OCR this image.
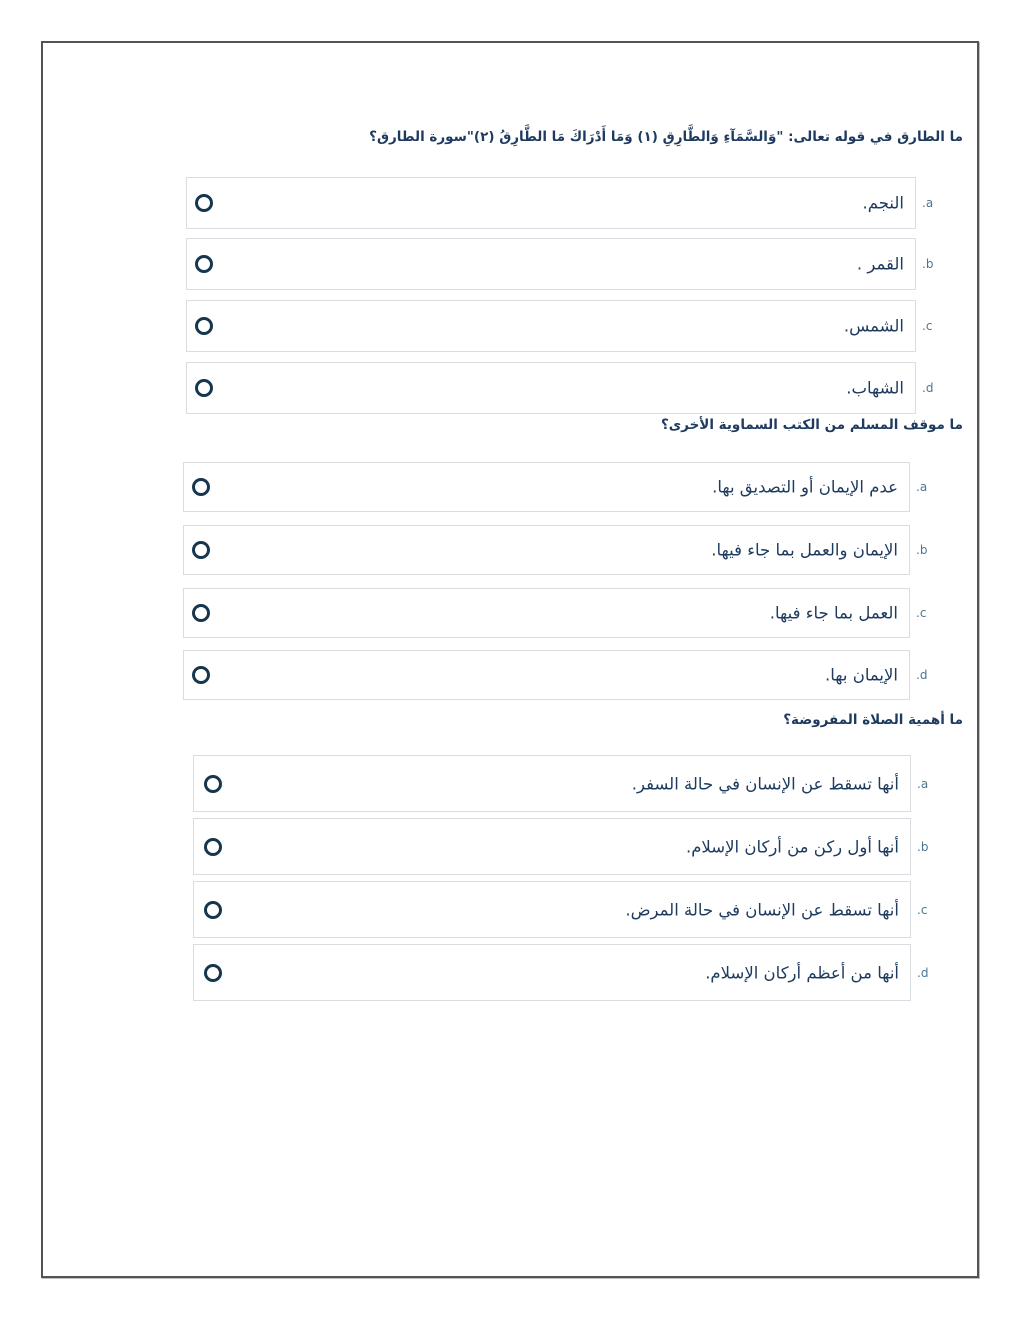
ما الطارق في قوله تعالى: "وَالسَّمَآءِ وَالطَّارِقِ (١) وَمَا أَدْرَاكَ مَا الطَّارِقُ (٢)"سورة الطارق؟
النجم. a.
القمر . b.
الشمس. c.
الشهاب. d.
ما موقف المسلم من الكتب السماوية الأخرى؟
عدم الإيمان أو التصديق بها. a.
الإيمان والعمل بما جاء فيها. b.
العمل بما جاء فيها. c.
الإيمان بها. d.
ما أهمية الصلاة المفروضة؟
أنها تسقط عن الإنسان في حالة السفر. a.
أنها أول ركن من أركان الإسلام. b.
أنها تسقط عن الإنسان في حالة المرض. c.
أنها من أعظم أركان الإسلام. d.
